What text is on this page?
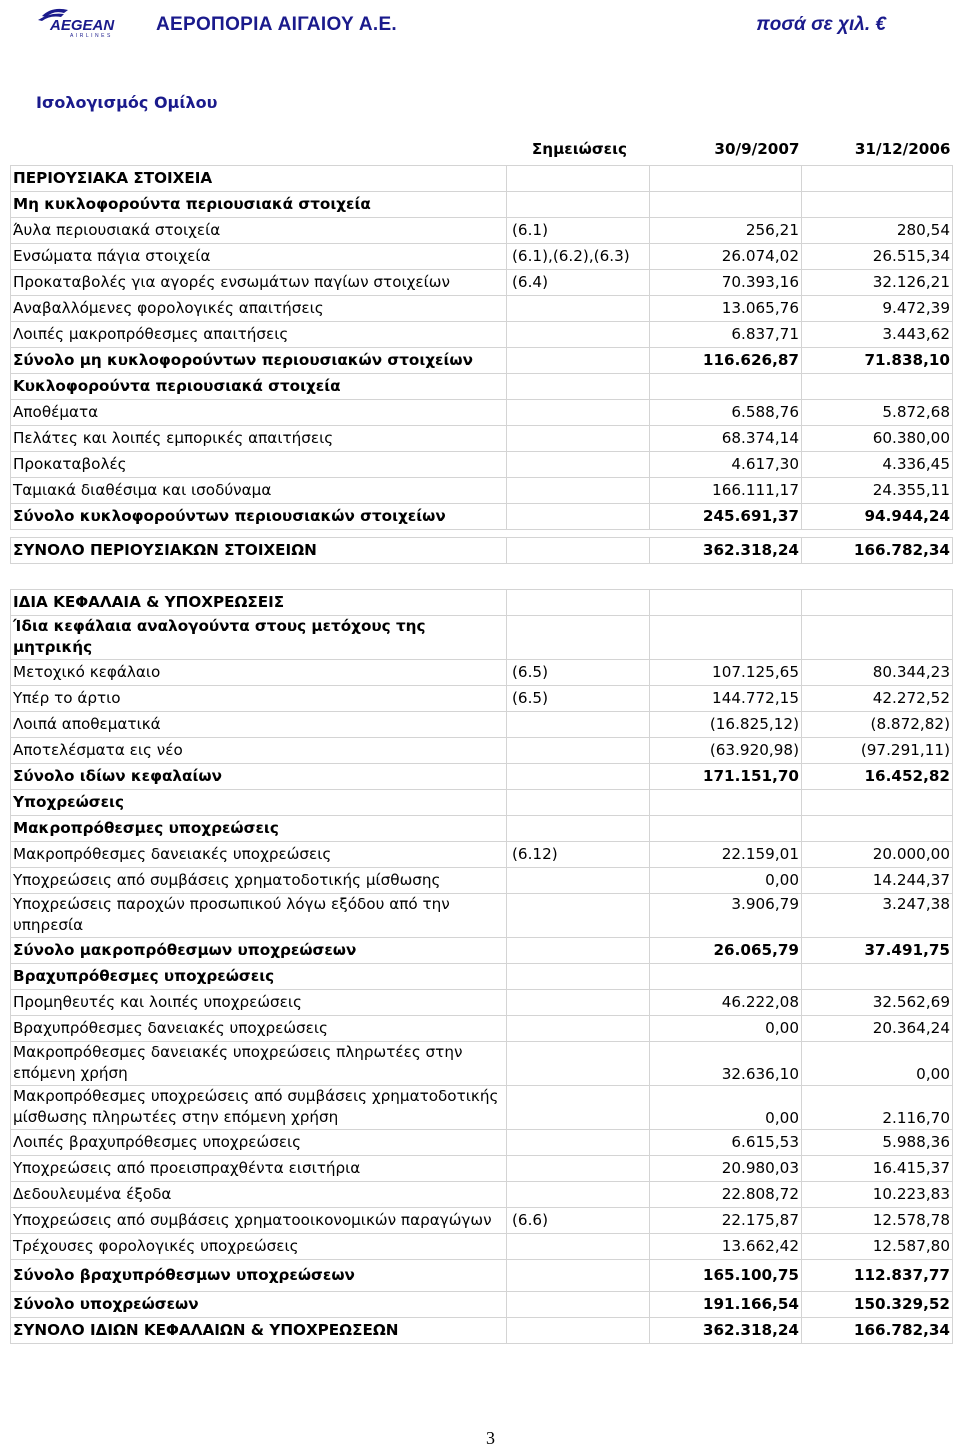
AEGEAN
AIRLINES
ΑΕΡΟΠΟΡΙΑ ΑΙΓΑΙΟΥ Α.Ε.	ποσά σε χιλ. €
Ισολογισμός Ομίλου
	Σημειώσεις	30/9/2007	31/12/2006
ΠΕΡΙΟΥΣΙΑΚΑ ΣΤΟΙΧΕΙΑ			
Μη κυκλοφορούντα περιουσιακά στοιχεία			
Άυλα περιουσιακά στοιχεία	(6.1)	256,21	280,54
Ενσώματα πάγια στοιχεία	(6.1),(6.2),(6.3)	26.074,02	26.515,34
Προκαταβολές για αγορές ενσωμάτων παγίων στοιχείων	(6.4)	70.393,16	32.126,21
Αναβαλλόμενες φορολογικές απαιτήσεις		13.065,76	9.472,39
Λοιπές μακροπρόθεσμες απαιτήσεις		6.837,71	3.443,62
Σύνολο μη κυκλοφορούντων περιουσιακών στοιχείων		116.626,87	71.838,10
Κυκλοφορούντα περιουσιακά στοιχεία			
Αποθέματα		6.588,76	5.872,68
Πελάτες και λοιπές εμπορικές απαιτήσεις		68.374,14	60.380,00
Προκαταβολές		4.617,30	4.336,45
Ταμιακά διαθέσιμα και ισοδύναμα		166.111,17	24.355,11
Σύνολο κυκλοφορούντων περιουσιακών στοιχείων		245.691,37	94.944,24

ΣΥΝΟΛΟ ΠΕΡΙΟΥΣΙΑΚΩΝ ΣΤΟΙΧΕΙΩΝ		362.318,24	166.782,34

ΙΔΙΑ ΚΕΦΑΛΑΙΑ & ΥΠΟΧΡΕΩΣΕΙΣ			
Ίδια κεφάλαια αναλογούντα στους μετόχους της μητρικής			
Μετοχικό κεφάλαιο	(6.5)	107.125,65	80.344,23
Υπέρ το άρτιο	(6.5)	144.772,15	42.272,52
Λοιπά αποθεματικά		(16.825,12)	(8.872,82)
Αποτελέσματα εις νέο		(63.920,98)	(97.291,11)
Σύνολο ιδίων κεφαλαίων		171.151,70	16.452,82
Υποχρεώσεις			
Μακροπρόθεσμες υποχρεώσεις			
Μακροπρόθεσμες δανειακές υποχρεώσεις	(6.12)	22.159,01	20.000,00
Υποχρεώσεις από συμβάσεις χρηματοδοτικής μίσθωσης		0,00	14.244,37
Υποχρεώσεις παροχών προσωπικού λόγω εξόδου από την υπηρεσία		3.906,79	3.247,38
Σύνολο μακροπρόθεσμων υποχρεώσεων		26.065,79	37.491,75
Βραχυπρόθεσμες υποχρεώσεις			
Προμηθευτές και λοιπές υποχρεώσεις		46.222,08	32.562,69
Βραχυπρόθεσμες δανειακές υποχρεώσεις		0,00	20.364,24
Μακροπρόθεσμες δανειακές υποχρεώσεις πληρωτέες στην επόμενη χρήση		32.636,10	0,00
Μακροπρόθεσμες υποχρεώσεις από συμβάσεις χρηματοδοτικής μίσθωσης πληρωτέες στην επόμενη χρήση		0,00	2.116,70
Λοιπές βραχυπρόθεσμες υποχρεώσεις		6.615,53	5.988,36
Υποχρεώσεις από προεισπραχθέντα εισιτήρια		20.980,03	16.415,37
Δεδουλευμένα έξοδα		22.808,72	10.223,83
Υποχρεώσεις από συμβάσεις χρηματοοικονομικών παραγώγων	(6.6)	22.175,87	12.578,78
Τρέχουσες φορολογικές υποχρεώσεις		13.662,42	12.587,80
Σύνολο βραχυπρόθεσμων υποχρεώσεων		165.100,75	112.837,77
Σύνολο υποχρεώσεων		191.166,54	150.329,52
ΣΥΝΟΛΟ ΙΔΙΩΝ ΚΕΦΑΛΑΙΩΝ & ΥΠΟΧΡΕΩΣΕΩΝ		362.318,24	166.782,34
3
